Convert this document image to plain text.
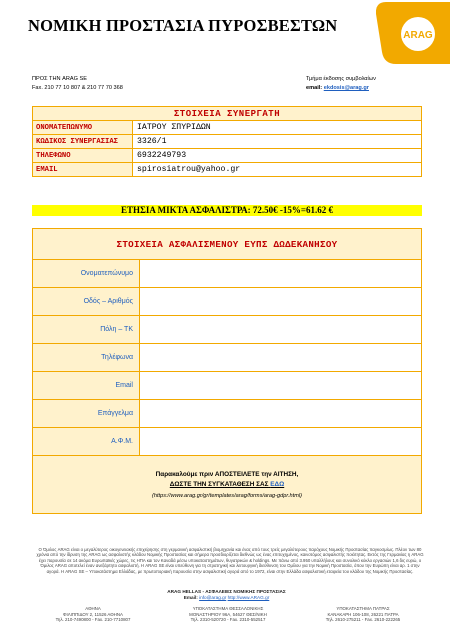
ΝΟΜΙΚΗ ΠΡΟΣΤΑΣΙΑ ΠΥΡΟΣΒΕΣΤΩΝ
ARAG
ΠΡΟΣ ΤΗΝ ARAG SE
Fax. 210 77 10 807 & 210 77 70 368
Τμήμα έκδοσης συμβολαίων
email: ekdosis@arag.gr
ΣΤΟΙΧΕΙΑ ΣΥΝΕΡΓΑΤΗ	
ΟΝΟΜΑΤΕΠΩΝΥΜΟ	ΙΑΤΡΟΥ ΣΠΥΡΙΔΩΝ
ΚΩΔΙΚΟΣ ΣΥΝΕΡΓΑΣΙΑΣ	3326/1
ΤΗΛΕΦΩΝΟ	6932249793
EMAIL	spirosiatrou@yahoo.gr
ΕΤΗΣΙΑ ΜΙΚΤΑ ΑΣΦΑΛΙΣΤΡΑ: 72.50€ -15%=61.62 €
ΣΤΟΙΧΕΙΑ ΑΣΦΑΛΙΣΜΕΝΟΥ ΕΥΠΣ ΔΩΔΕΚΑΝΗΣΟΥ	
Ονοματεπώνυμο	
Οδός – Αριθμός	
Πόλη – ΤΚ	
Τηλέφωνα	
Email	
Επάγγελμα	
Α.Φ.Μ.	

Παρακαλούμε πριν ΑΠΟΣΤΕΙΛΕΤΕ την ΑΙΤΗΣΗ,
ΔΩΣΤΕ ΤΗΝ ΣΥΓΚΑΤΑΘΕΣΗ ΣΑΣ ΕΔΩ
(https://www.arag.gr/gr/templates/arag/forms/arag-gdpr.html)	
Ο Όμιλος ARAG είναι ο μεγαλύτερος οικογενειακής επιχείρησης στη γερμανική ασφαλιστική βιομηχανία και ένας από τους τρείς μεγαλύτερους παρόχους Νομικής Προστασίας παγκοσμίως. Πλέον των 80 χρόνια από την ίδρυση της ARAG ως ασφαλιστής κλάδου Νομικής Προστασίας και σήμερα προσδιορίζεται διεθνώς ως ένας επιτυχημένος, καινοτόμος ασφαλιστής ποιότητας. Εκτός της Γερμανίας η ARAG έχει παρουσία σε 14 ακόμα Ευρωπαϊκές χώρες, τις ΗΠΑ και τον Καναδά μέσω υποκαταστημάτων, θυγατρικών & holdings. Με πάνω από 3.950 υπαλλήλους και συνολικό κύκλο εργασιών 1,6 δις ευρώ, ο Όμιλος ARAG αποτελεί έναν ανεξάρτητο ασφαλιστή. Η ARAG SE είναι υπεύθυνη για τη στρατηγική και λειτουργική διεύθυνση του Ομίλου για την Νομική Προστασία, όπου την Ευρώπη είναι αρ. 1 στην αγορά. Η ARAG SE – Υποκατάστημα Ελλάδας, με πρωτοποριακή παρουσία στην ασφαλιστική αγορά από το 1972, είναι στην Ελλάδα ασφαλιστική εταιρεία του κλάδου της Νομικής Προστασίας.
ARAG HELLAS - ΑΣΦΑΛΕΙΕΣ ΝΟΜΙΚΗΣ ΠΡΟΣΤΑΣΙΑΣ
Email: info@arag.gr http://www.ARAG.gr
ΑΘΗΝΑ
ΦΙΛΙΠΠΙΔΟΥ 2, 11526 ΑΘΗΝΑ
Τηλ. 210-7490800 - Fax. 210-7710807
ΥΠΟΚΑΤΑΣΤΗΜΑ ΘΕΣΣΑΛΟΝΙΚΗΣ
ΜΟΝΑΣΤΗΡΙΟΥ 96Α, 54627 ΘΕΣ/ΝΙΚΗ
Τηλ. 2310-520720 - Fax. 2310-552517
ΥΠΟΚΑΤΑΣΤΗΜΑ ΠΑΤΡΑΣ
ΚΑΝΑΚΑΡΗ 106-108, 26221 ΠΑΤΡΑ
Τηλ. 2610-275211 - Fax. 2610-222265
